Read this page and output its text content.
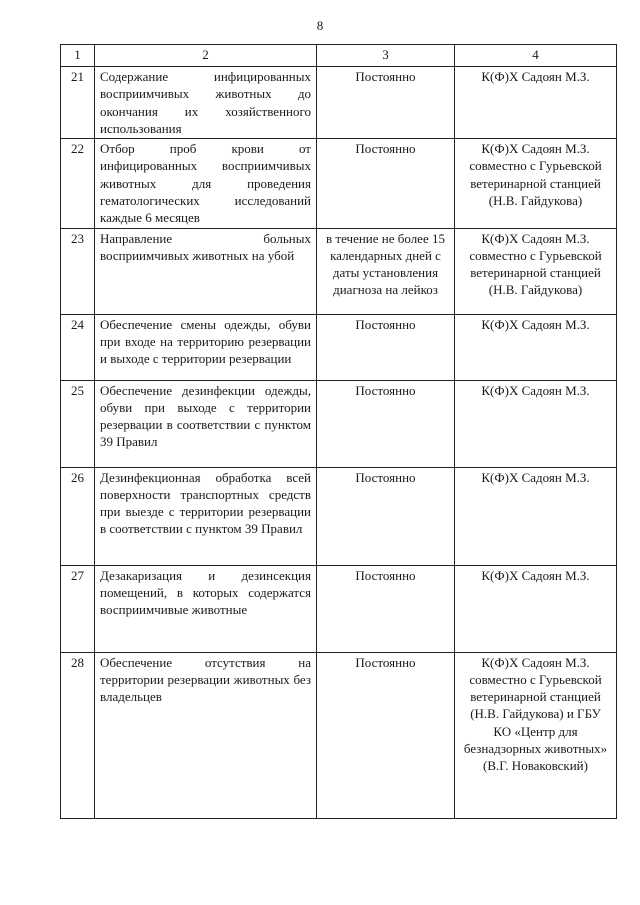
8
1	2	3	4
21	Содержание инфицированных восприимчивых животных до окончания их хозяйственного использования	Постоянно	К(Ф)Х Садоян М.З.
22	Отбор проб крови от инфицированных восприимчивых животных для проведения гематологических исследований каждые 6 месяцев	Постоянно	К(Ф)Х Садоян М.З. совместно с Гурьевской ветеринарной станцией (Н.В. Гайдукова)
23	Направление больных восприимчивых животных на убой	в течение не более 15 календарных дней с даты установления диагноза на лейкоз	К(Ф)Х Садоян М.З. совместно с Гурьевской ветеринарной станцией (Н.В. Гайдукова)
24	Обеспечение смены одежды, обуви при входе на территорию резервации и выходе с территории резервации	Постоянно	К(Ф)Х Садоян М.З.
25	Обеспечение дезинфекции одежды, обуви при выходе с территории резервации в соответствии с пунктом 39 Правил	Постоянно	К(Ф)Х Садоян М.З.
26	Дезинфекционная обработка всей поверхности транспортных средств при выезде с территории резервации в соответствии с пунктом 39 Правил	Постоянно	К(Ф)Х Садоян М.З.
27	Дезакаризация и дезинсекция помещений, в которых содержатся восприимчивые животные	Постоянно	К(Ф)Х Садоян М.З.
28	Обеспечение отсутствия на территории резервации животных без владельцев	Постоянно	К(Ф)Х Садоян М.З. совместно с Гурьевской ветеринарной станцией (Н.В. Гайдукова) и ГБУ КО «Центр для безнадзорных животных» (В.Г. Новаковский)
